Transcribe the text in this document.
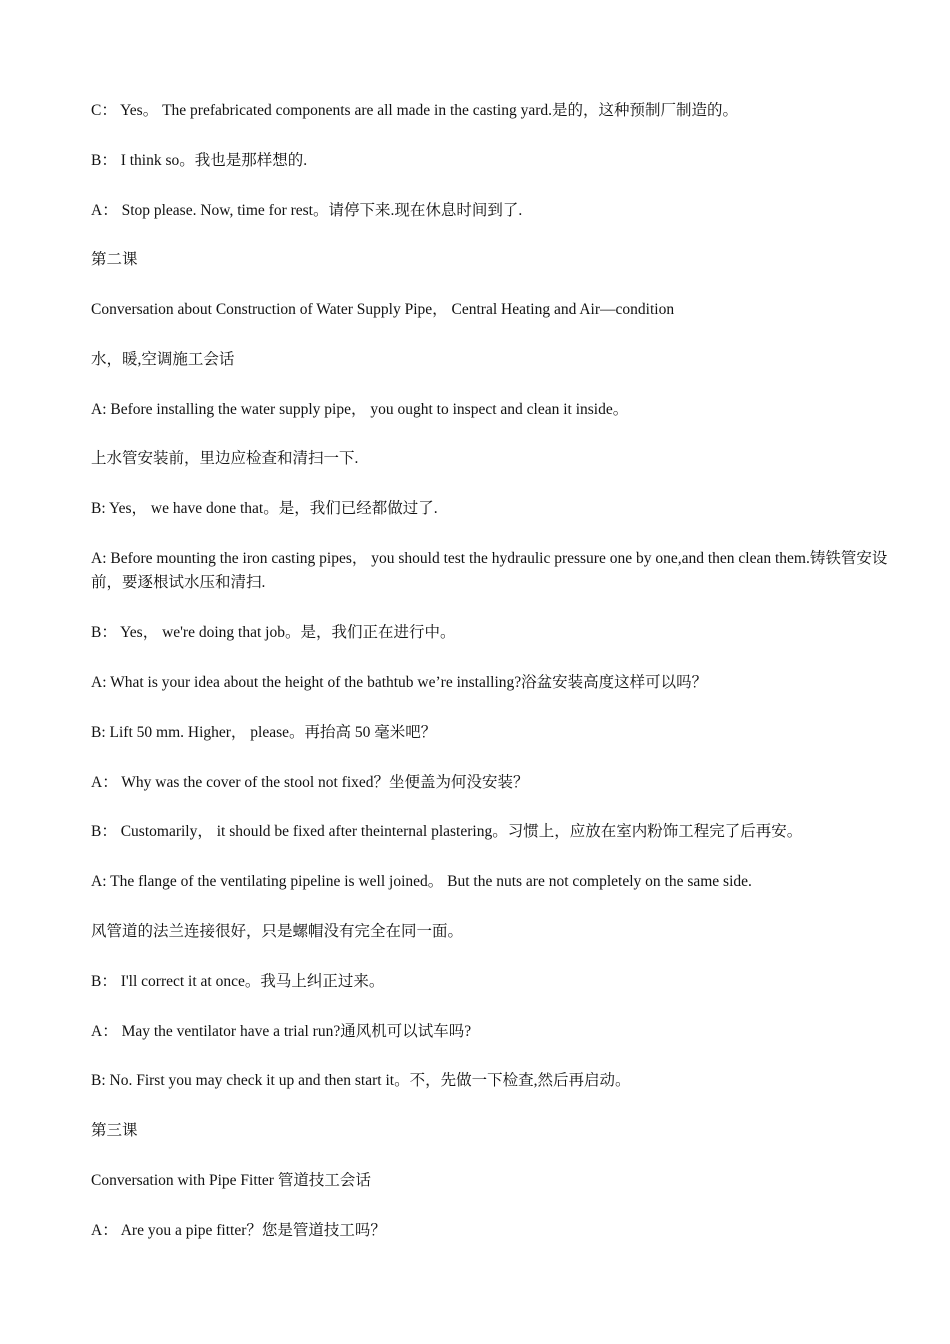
C： Yes。 The prefabricated components are all made in the casting yard.是的，这种预制厂制造的。

B： I think so。我也是那样想的.

A： Stop please. Now, time for rest。请停下来.现在休息时间到了.

第二课

Conversation about Construction of Water Supply Pipe， Central Heating and Air—condition

水，暖,空调施工会话

A: Before installing the water supply pipe， you ought to inspect and clean it inside。

上水管安装前，里边应检查和清扫一下.

B: Yes， we have done that。是，我们已经都做过了.

A: Before mounting the iron casting pipes， you should test the hydraulic pressure one by one,and then clean them.铸铁管安设前，要逐根试水压和清扫.

B： Yes， we're doing that job。是，我们正在进行中。

A: What is your idea about the height of the bathtub we’re installing?浴盆安装高度这样可以吗？

B: Lift 50 mm. Higher， please。再抬高 50 毫米吧？

A： Why was the cover of the stool not fixed？坐便盖为何没安装？

B： Customarily， it should be fixed after theinternal plastering。习惯上，应放在室内粉饰工程完了后再安。

A: The flange of the ventilating pipeline is well joined。 But the nuts are not completely on the same side.

风管道的法兰连接很好，只是螺帽没有完全在同一面。

B： I'll correct it at once。我马上纠正过来。

A： May the ventilator have a trial run?通风机可以试车吗?

B: No. First you may check it up and then start it。不，先做一下检查,然后再启动。

第三课

Conversation with Pipe Fitter 管道技工会话

A： Are you a pipe fitter？您是管道技工吗？
